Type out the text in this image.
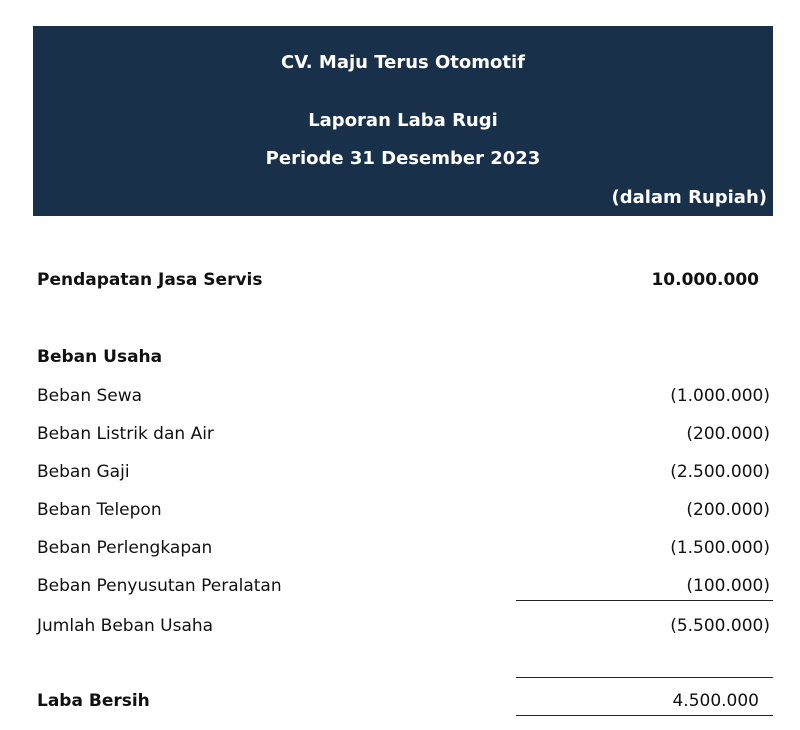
CV. Maju Terus Otomotif
Laporan Laba Rugi
Periode 31 Desember 2023
(dalam Rupiah)
Pendapatan Jasa Servis	10.000.000
Beban Usaha
Beban Sewa	(1.000.000)
Beban Listrik dan Air	(200.000)
Beban Gaji	(2.500.000)
Beban Telepon	(200.000)
Beban Perlengkapan	(1.500.000)
Beban Penyusutan Peralatan	(100.000)
Jumlah Beban Usaha	(5.500.000)
Laba Bersih	4.500.000
